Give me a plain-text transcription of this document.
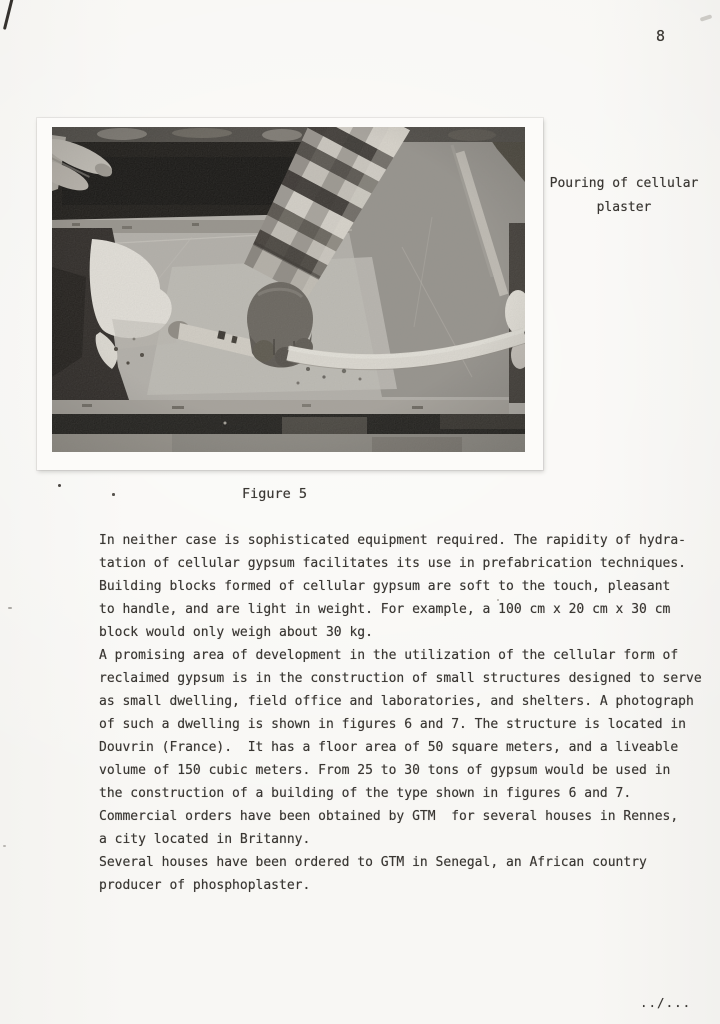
8
Pouring of cellular
plaster
Figure 5
In neither case is sophisticated equipment required. The rapidity of hydra-
tation of cellular gypsum facilitates its use in prefabrication techniques.
Building blocks formed of cellular gypsum are soft to the touch, pleasant
to handle, and are light in weight. For example, a 100 cm x 20 cm x 30 cm
block would only weigh about 30 kg.
A promising area of development in the utilization of the cellular form of
reclaimed gypsum is in the construction of small structures designed to serve
as small dwelling, field office and laboratories, and shelters. A photograph
of such a dwelling is shown in figures 6 and 7. The structure is located in
Douvrin (France).  It has a floor area of 50 square meters, and a liveable
volume of 150 cubic meters. From 25 to 30 tons of gypsum would be used in
the construction of a building of the type shown in figures 6 and 7.
Commercial orders have been obtained by GTM  for several houses in Rennes,
a city located in Britanny.
Several houses have been ordered to GTM in Senegal, an African country
producer of phosphoplaster.
../...
